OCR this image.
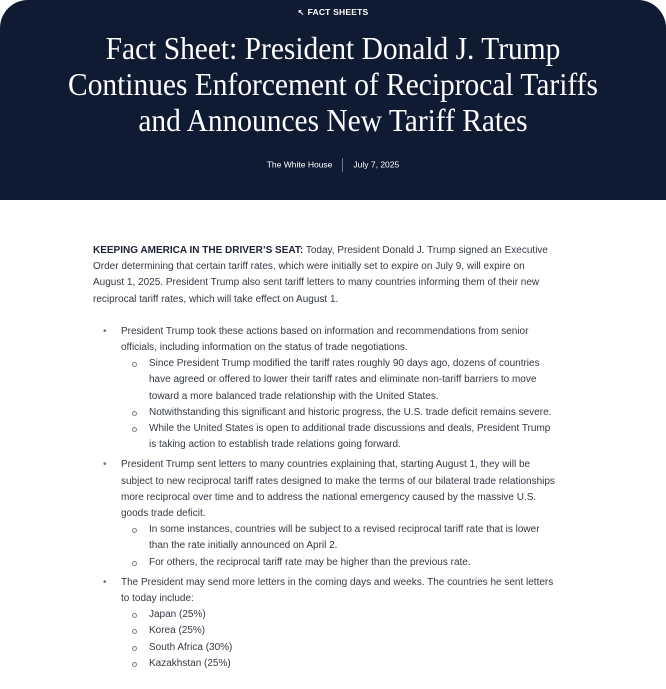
↖ FACT SHEETS
Fact Sheet: President Donald J. Trump Continues Enforcement of Reciprocal Tariffs and Announces New Tariff Rates
The White House July 7, 2025

KEEPING AMERICA IN THE DRIVER’S SEAT: Today, President Donald J. Trump signed an Executive Order determining that certain tariff rates, which were initially set to expire on July 9, will expire on August 1, 2025. President Trump also sent tariff letters to many countries informing them of their new reciprocal tariff rates, which will take effect on August 1.

• President Trump took these actions based on information and recommendations from senior officials, including information on the status of trade negotiations.
Since President Trump modified the tariff rates roughly 90 days ago, dozens of countries have agreed or offered to lower their tariff rates and eliminate non-tariff barriers to move toward a more balanced trade relationship with the United States.
Notwithstanding this significant and historic progress, the U.S. trade deficit remains severe.
While the United States is open to additional trade discussions and deals, President Trump is taking action to establish trade relations going forward.
• President Trump sent letters to many countries explaining that, starting August 1, they will be subject to new reciprocal tariff rates designed to make the terms of our bilateral trade relationships more reciprocal over time and to address the national emergency caused by the massive U.S. goods trade deficit.
In some instances, countries will be subject to a revised reciprocal tariff rate that is lower than the rate initially announced on April 2.
For others, the reciprocal tariff rate may be higher than the previous rate.
• The President may send more letters in the coming days and weeks. The countries he sent letters to today include:
Japan (25%)
Korea (25%)
South Africa (30%)
Kazakhstan (25%)
